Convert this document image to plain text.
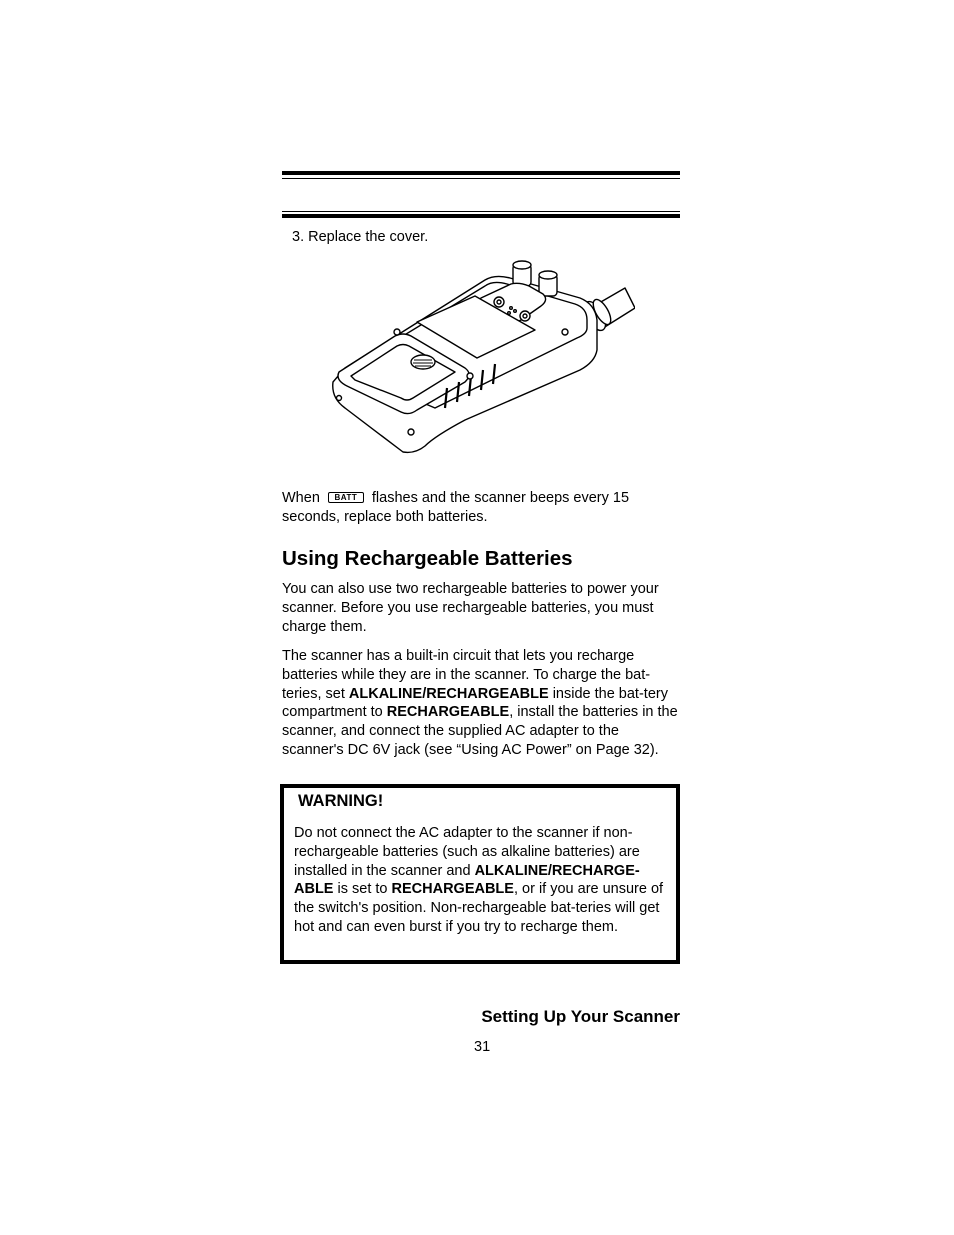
3. Replace the cover.
When BATT flashes and the scanner beeps every 15 seconds, replace both batteries.
Using Rechargeable Batteries
You can also use two rechargeable batteries to power your scanner. Before you use rechargeable batteries, you must charge them.
The scanner has a built-in circuit that lets you recharge batteries while they are in the scanner. To charge the bat-teries, set ALKALINE/RECHARGEABLE inside the bat-tery compartment to RECHARGEABLE, install the batteries in the scanner, and connect the supplied AC adapter to the scanner's DC 6V jack (see “Using AC Power” on Page 32).
WARNING!
Do not connect the AC adapter to the scanner if non-rechargeable batteries (such as alkaline batteries) are installed in the scanner and ALKALINE/RECHARGE-ABLE is set to RECHARGEABLE, or if you are unsure of the switch's position. Non-rechargeable bat-teries will get hot and can even burst if you try to recharge them.
Setting Up Your Scanner
31
